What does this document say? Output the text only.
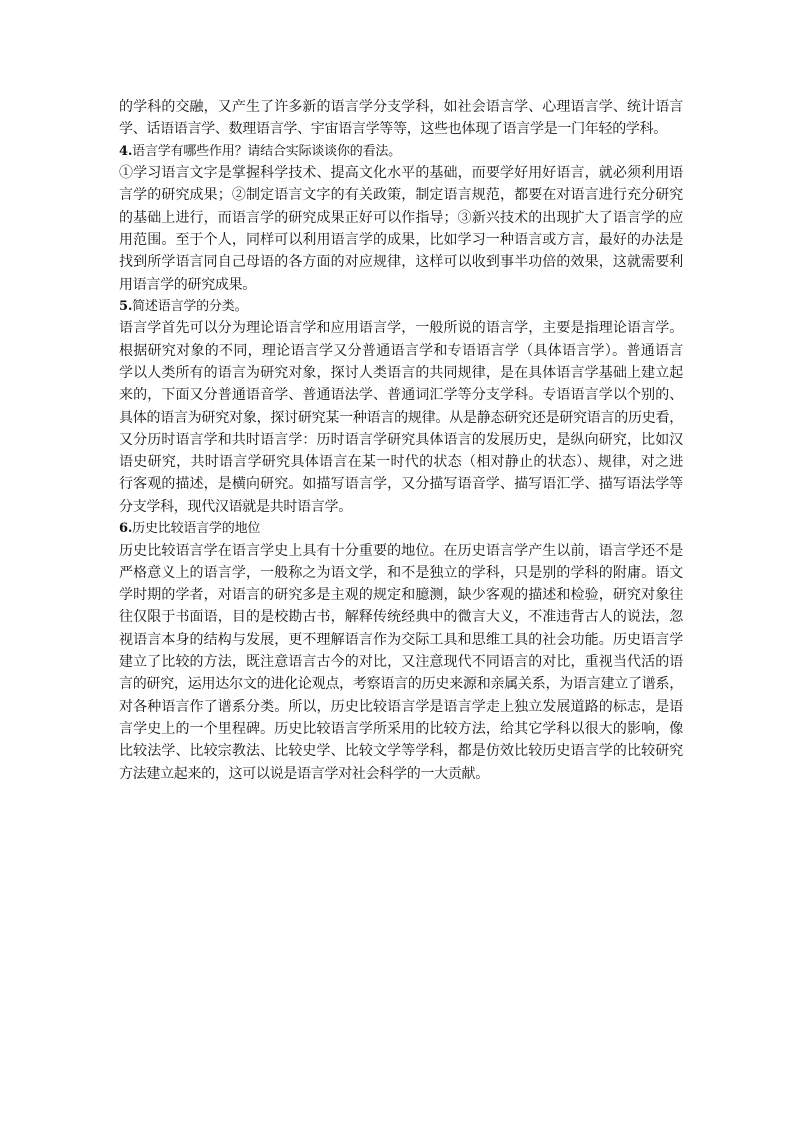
的学科的交融，又产生了许多新的语言学分支学科，如社会语言学、心理语言学、统计语言
学、话语语言学、数理语言学、宇宙语言学等等，这些也体现了语言学是一门年轻的学科。
4.语言学有哪些作用？请结合实际谈谈你的看法。
①学习语言文字是掌握科学技术、提高文化水平的基础，而要学好用好语言，就必须利用语
言学的研究成果；②制定语言文字的有关政策，制定语言规范，都要在对语言进行充分研究
的基础上进行，而语言学的研究成果正好可以作指导；③新兴技术的出现扩大了语言学的应
用范围。至于个人，同样可以利用语言学的成果，比如学习一种语言或方言，最好的办法是
找到所学语言同自己母语的各方面的对应规律，这样可以收到事半功倍的效果，这就需要利
用语言学的研究成果。
5.简述语言学的分类。
语言学首先可以分为理论语言学和应用语言学，一般所说的语言学，主要是指理论语言学。
根据研究对象的不同，理论语言学又分普通语言学和专语语言学（具体语言学）。普通语言
学以人类所有的语言为研究对象，探讨人类语言的共同规律，是在具体语言学基础上建立起
来的，下面又分普通语音学、普通语法学、普通词汇学等分支学科。专语语言学以个别的、
具体的语言为研究对象，探讨研究某一种语言的规律。从是静态研究还是研究语言的历史看，
又分历时语言学和共时语言学：历时语言学研究具体语言的发展历史，是纵向研究，比如汉
语史研究，共时语言学研究具体语言在某一时代的状态（相对静止的状态）、规律，对之进
行客观的描述，是横向研究。如描写语言学，又分描写语音学、描写语汇学、描写语法学等
分支学科，现代汉语就是共时语言学。
6.历史比较语言学的地位
历史比较语言学在语言学史上具有十分重要的地位。在历史语言学产生以前，语言学还不是
严格意义上的语言学，一般称之为语文学，和不是独立的学科，只是别的学科的附庸。语文
学时期的学者，对语言的研究多是主观的规定和臆测，缺少客观的描述和检验，研究对象往
往仅限于书面语，目的是校勘古书，解释传统经典中的微言大义，不准违背古人的说法，忽
视语言本身的结构与发展，更不理解语言作为交际工具和思维工具的社会功能。历史语言学
建立了比较的方法，既注意语言古今的对比，又注意现代不同语言的对比，重视当代活的语
言的研究，运用达尔文的进化论观点，考察语言的历史来源和亲属关系，为语言建立了谱系，
对各种语言作了谱系分类。所以，历史比较语言学是语言学走上独立发展道路的标志，是语
言学史上的一个里程碑。历史比较语言学所采用的比较方法，给其它学科以很大的影响，像
比较法学、比较宗教法、比较史学、比较文学等学科，都是仿效比较历史语言学的比较研究
方法建立起来的，这可以说是语言学对社会科学的一大贡献。
